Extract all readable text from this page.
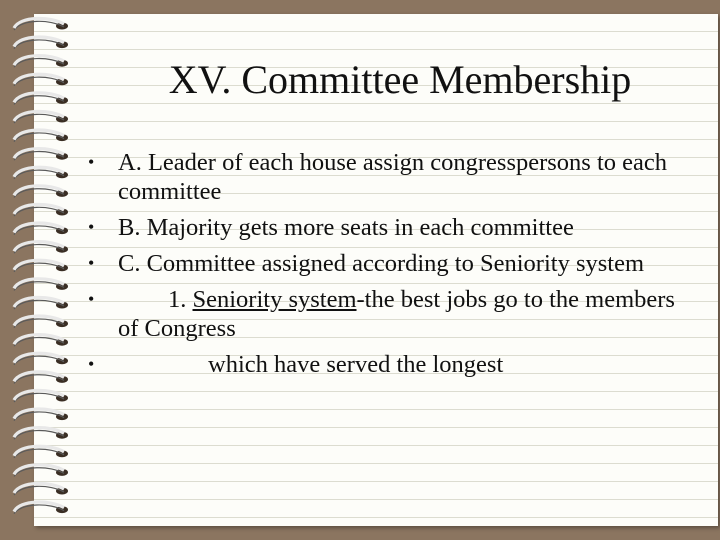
XV. Committee Membership
• A. Leader of each house assign congresspersons to each committee
• B. Majority gets more seats in each committee
• C. Committee assigned according to Seniority system
•	1. Seniority system-the best jobs go to the members of Congress
•	which have served the longest
